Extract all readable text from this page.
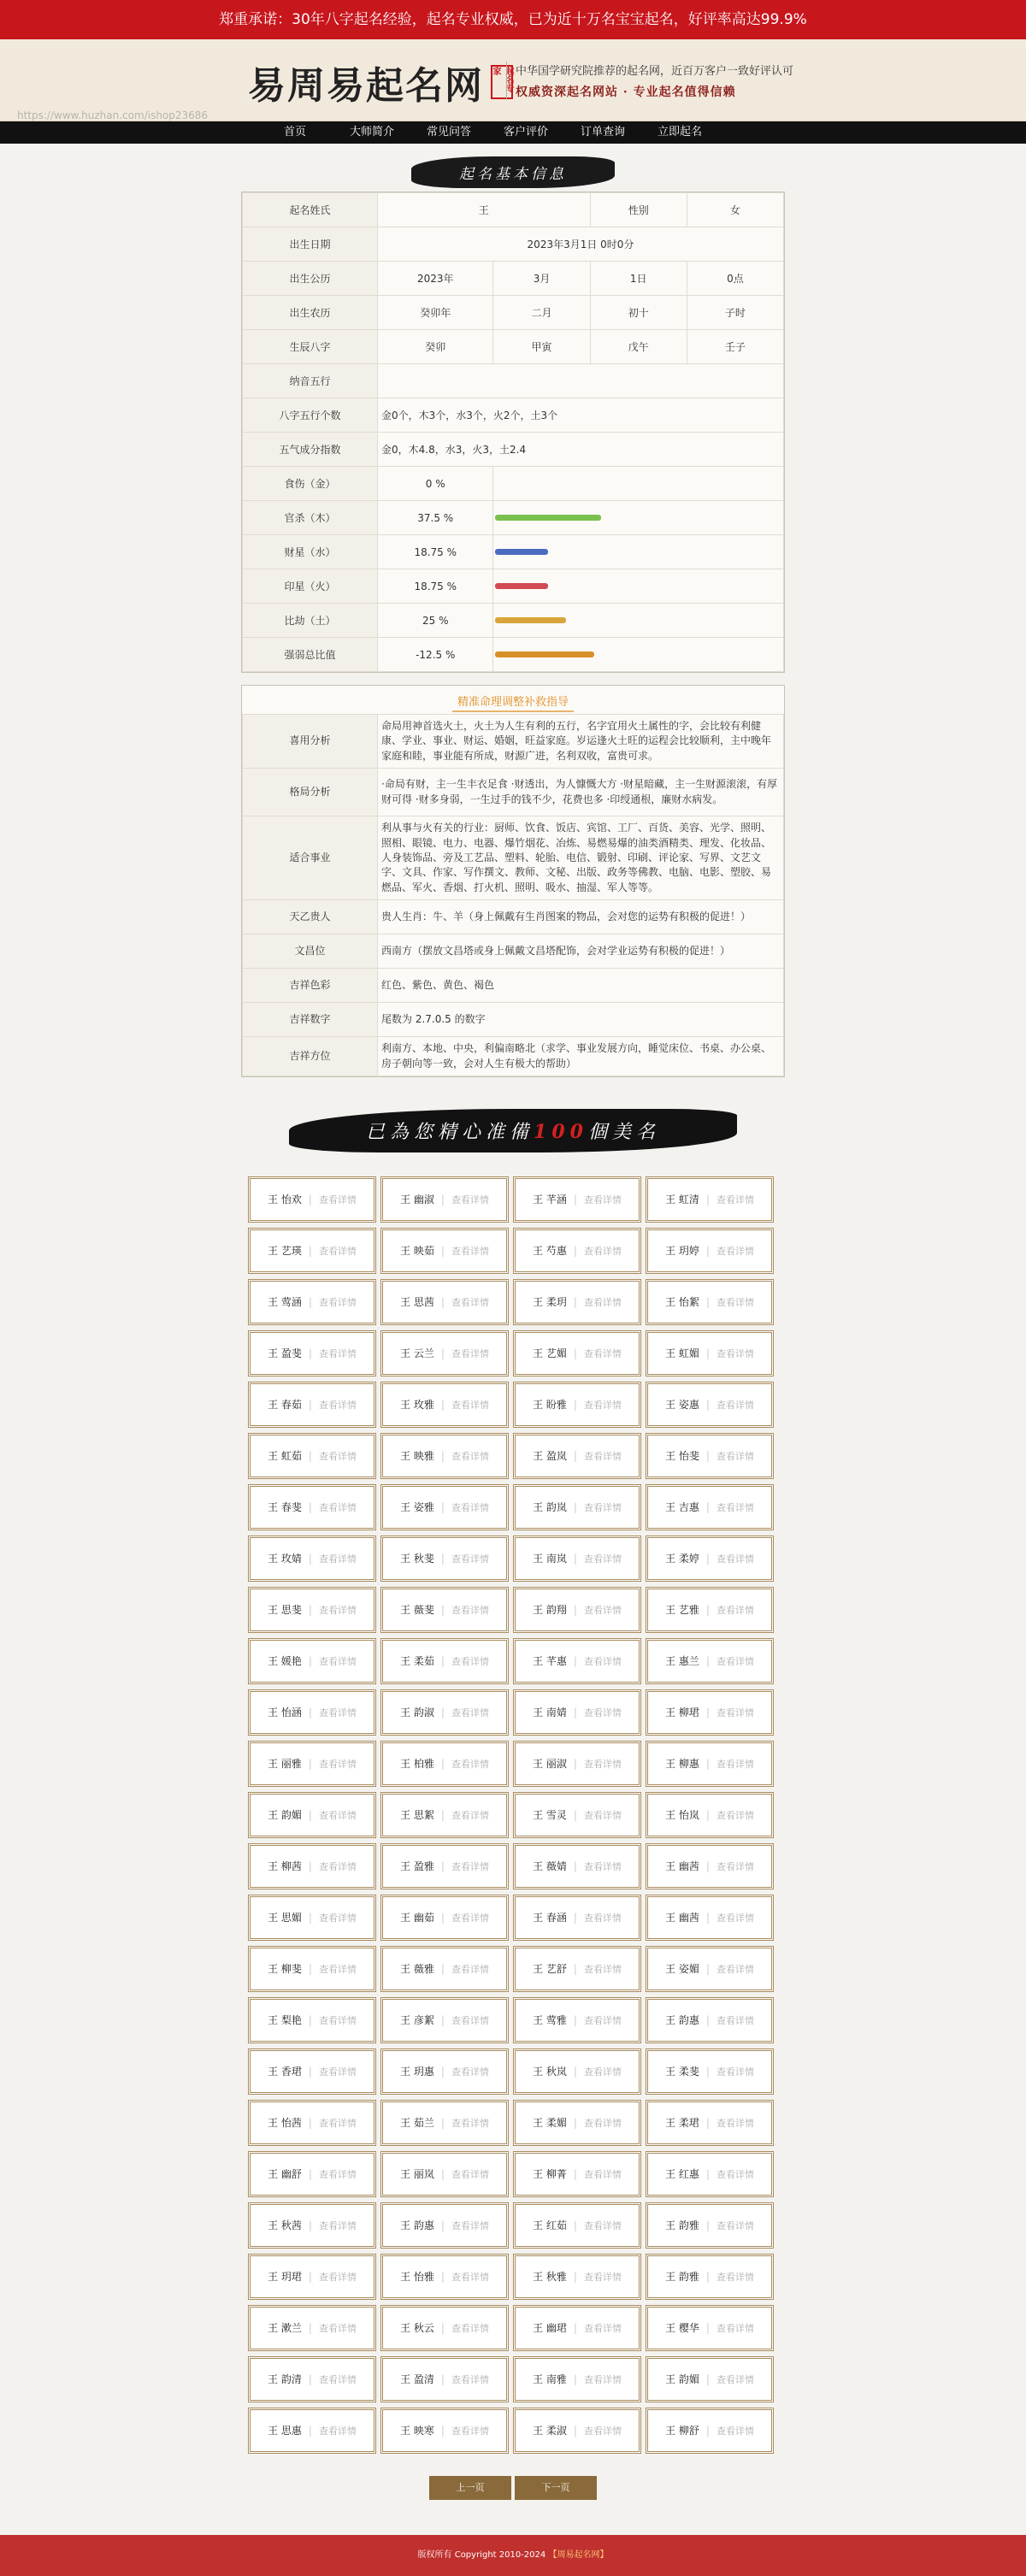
郑重承诺：30年八字起名经验，起名专业权威，已为近十万名宝宝起名，好评率高达99.9%
易周易起名网	起名专家	中华国学研究院推荐的起名网，近百万客户一致好评认可
权威资深起名网站 · 专业起名值得信赖
https://www.huzhan.com/ishop23686
首页	大师简介	常见问答	客户评价	订单查询	立即起名
起名基本信息
起名姓氏	王		性别	女
出生日期	2023年3月1日 0时0分			
出生公历	2023年	3月	1日	0点
出生农历	癸卯年	二月	初十	子时
生辰八字	癸卯	甲寅	戊午	壬子
纳音五行				
八字五行个数	金0个，木3个，水3个，火2个，土3个			
五气成分指数	金0，木4.8，水3，火3，土2.4			
食伤（金）	0 %			

官杀（木）	37.5 %			

财星（水）	18.75 %			

印星（火）	18.75 %			

比劫（土）	25 %			

强弱总比值	-12.5 %			
精准命理调整补救指导
喜用分析	命局用神首选火土，火土为人生有利的五行，名字宜用火土属性的字，会比较有利健康、学业、事业、财运、婚姻，旺益家庭。岁运逢火土旺的运程会比较顺利，主中晚年家庭和睦，事业能有所成，财源广进，名利双收，富贵可求。
格局分析	·命局有财，主一生丰衣足食 ·财透出，为人慷慨大方 ·财星暗藏，主一生财源滚滚，有厚财可得 ·财多身弱，一生过手的钱不少，花费也多 ·印绶通根，廉财水病发。
适合事业	利从事与火有关的行业：厨师、饮食、饭店、宾馆、工厂、百货、美容、光学、照明、照相、眼镜、电力、电器、爆竹烟花、冶炼、易燃易爆的油类酒精类、理发、化妆品、人身装饰品、旁及工艺品、塑料、轮胎、电信、锻射、印刷、评论家、写界、文艺文字、文具、作家、写作撰文、教师、文秘、出版、政务等佛教、电脑、电影、塑胶、易燃品、军火、香烟、打火机、照明、吸水、抽湿、军人等等。
天乙贵人	贵人生肖：牛、羊（身上佩戴有生肖图案的物品，会对您的运势有积极的促进！）
文昌位	西南方（摆放文昌塔或身上佩戴文昌塔配饰，会对学业运势有积极的促进！）
吉祥色彩	红色、紫色、黄色、褐色
吉祥数字	尾数为 2.7.0.5 的数字
吉祥方位	利南方、本地、中央，利偏南略北（求学、事业发展方向，睡觉床位、书桌、办公桌、房子朝向等一致，会对人生有极大的帮助）
已為您精心准備100個美名
王 怡欢 | 查看详情	王 幽淑 | 查看详情	王 芊涵 | 查看详情	王 虹清 | 查看详情
王 艺瑛 | 查看详情	王 映茹 | 查看详情	王 芍惠 | 查看详情	王 玥婷 | 查看详情
王 莺涵 | 查看详情	王 思茜 | 查看详情	王 柔玥 | 查看详情	王 怡絮 | 查看详情
王 盈斐 | 查看详情	王 云兰 | 查看详情	王 艺媚 | 查看详情	王 虹媚 | 查看详情
王 春茹 | 查看详情	王 玫雅 | 查看详情	王 盼雅 | 查看详情	王 姿惠 | 查看详情
王 虹茹 | 查看详情	王 映雅 | 查看详情	王 盈岚 | 查看详情	王 怡斐 | 查看详情
王 春斐 | 查看详情	王 姿雅 | 查看详情	王 韵岚 | 查看详情	王 吉惠 | 查看详情
王 玫婧 | 查看详情	王 秋斐 | 查看详情	王 南岚 | 查看详情	王 柔婷 | 查看详情
王 思斐 | 查看详情	王 薇斐 | 查看详情	王 韵翔 | 查看详情	王 艺雅 | 查看详情
王 媛艳 | 查看详情	王 柔茹 | 查看详情	王 芊惠 | 查看详情	王 惠兰 | 查看详情
王 怡涵 | 查看详情	王 韵淑 | 查看详情	王 南婧 | 查看详情	王 柳珺 | 查看详情
王 丽雅 | 查看详情	王 柏雅 | 查看详情	王 丽淑 | 查看详情	王 柳惠 | 查看详情
王 韵媚 | 查看详情	王 思絮 | 查看详情	王 雪灵 | 查看详情	王 怡岚 | 查看详情
王 柳茜 | 查看详情	王 盈雅 | 查看详情	王 薇婧 | 查看详情	王 幽茜 | 查看详情
王 思媚 | 查看详情	王 幽茹 | 查看详情	王 春涵 | 查看详情	王 幽茜 | 查看详情
王 柳斐 | 查看详情	王 薇雅 | 查看详情	王 艺舒 | 查看详情	王 姿媚 | 查看详情
王 梨艳 | 查看详情	王 彦絮 | 查看详情	王 莺雅 | 查看详情	王 韵惠 | 查看详情
王 香珺 | 查看详情	王 玥惠 | 查看详情	王 秋岚 | 查看详情	王 柔斐 | 查看详情
王 怡茜 | 查看详情	王 茹兰 | 查看详情	王 柔媚 | 查看详情	王 柔珺 | 查看详情
王 幽舒 | 查看详情	王 丽岚 | 查看详情	王 柳菁 | 查看详情	王 红惠 | 查看详情
王 秋茜 | 查看详情	王 韵惠 | 查看详情	王 红茹 | 查看详情	王 韵雅 | 查看详情
王 玥珺 | 查看详情	王 怡雅 | 查看详情	王 秋雅 | 查看详情	王 韵雅 | 查看详情
王 漱兰 | 查看详情	王 秋云 | 查看详情	王 幽珺 | 查看详情	王 樱华 | 查看详情
王 韵清 | 查看详情	王 盈清 | 查看详情	王 南雅 | 查看详情	王 韵媚 | 查看详情
王 思惠 | 查看详情	王 映寒 | 查看详情	王 柔淑 | 查看详情	王 柳舒 | 查看详情
上一页	下一页
版权所有 Copyright 2010-2024 【周易起名网】
